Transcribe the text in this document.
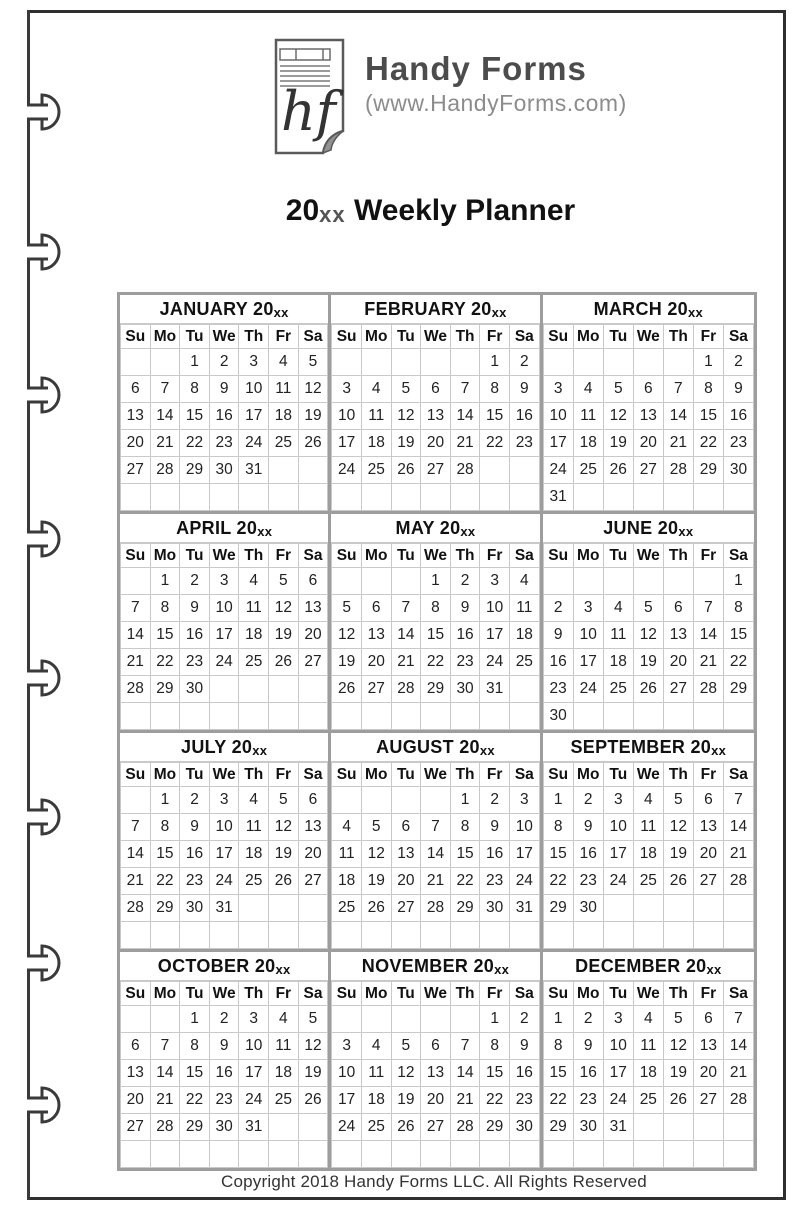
hf
Handy Forms
(www.HandyForms.com)
20xx Weekly Planner
JANUARY 20xx
Su	Mo	Tu	We	Th	Fr	Sa
		1	2	3	4	5
6	7	8	9	10	11	12
13	14	15	16	17	18	19
20	21	22	23	24	25	26
27	28	29	30	31		

FEBRUARY 20xx
Su	Mo	Tu	We	Th	Fr	Sa
					1	2
3	4	5	6	7	8	9
10	11	12	13	14	15	16
17	18	19	20	21	22	23
24	25	26	27	28		

MARCH 20xx
Su	Mo	Tu	We	Th	Fr	Sa
					1	2
3	4	5	6	7	8	9
10	11	12	13	14	15	16
17	18	19	20	21	22	23
24	25	26	27	28	29	30
31						
APRIL 20xx
Su	Mo	Tu	We	Th	Fr	Sa
	1	2	3	4	5	6
7	8	9	10	11	12	13
14	15	16	17	18	19	20
21	22	23	24	25	26	27
28	29	30				

MAY 20xx
Su	Mo	Tu	We	Th	Fr	Sa
			1	2	3	4
5	6	7	8	9	10	11
12	13	14	15	16	17	18
19	20	21	22	23	24	25
26	27	28	29	30	31	

JUNE 20xx
Su	Mo	Tu	We	Th	Fr	Sa
						1
2	3	4	5	6	7	8
9	10	11	12	13	14	15
16	17	18	19	20	21	22
23	24	25	26	27	28	29
30						
JULY 20xx
Su	Mo	Tu	We	Th	Fr	Sa
	1	2	3	4	5	6
7	8	9	10	11	12	13
14	15	16	17	18	19	20
21	22	23	24	25	26	27
28	29	30	31			

AUGUST 20xx
Su	Mo	Tu	We	Th	Fr	Sa
				1	2	3
4	5	6	7	8	9	10
11	12	13	14	15	16	17
18	19	20	21	22	23	24
25	26	27	28	29	30	31

SEPTEMBER 20xx
Su	Mo	Tu	We	Th	Fr	Sa
1	2	3	4	5	6	7
8	9	10	11	12	13	14
15	16	17	18	19	20	21
22	23	24	25	26	27	28
29	30					

OCTOBER 20xx
Su	Mo	Tu	We	Th	Fr	Sa
		1	2	3	4	5
6	7	8	9	10	11	12
13	14	15	16	17	18	19
20	21	22	23	24	25	26
27	28	29	30	31		

NOVEMBER 20xx
Su	Mo	Tu	We	Th	Fr	Sa
					1	2
3	4	5	6	7	8	9
10	11	12	13	14	15	16
17	18	19	20	21	22	23
24	25	26	27	28	29	30

DECEMBER 20xx
Su	Mo	Tu	We	Th	Fr	Sa
1	2	3	4	5	6	7
8	9	10	11	12	13	14
15	16	17	18	19	20	21
22	23	24	25	26	27	28
29	30	31				

Copyright 2018 Handy Forms LLC. All Rights Reserved
